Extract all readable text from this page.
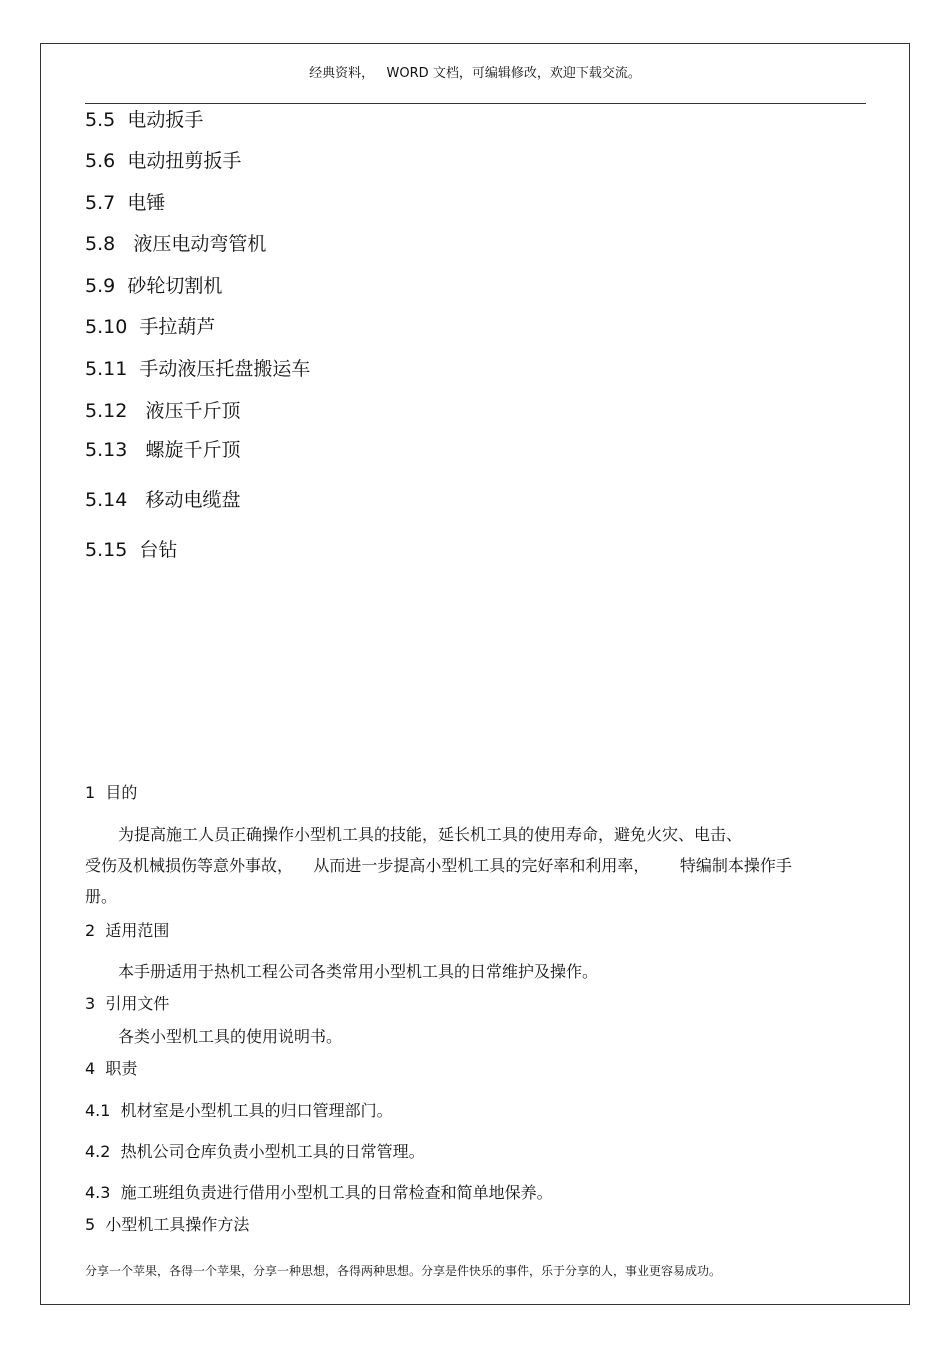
经典资料，   WORD 文档，可编辑修改，欢迎下载交流。
5.5 电动扳手
5.6 电动扭剪扳手
5.7 电锤
5.8   液压电动弯管机
5.9 砂轮切割机
5.10 手拉葫芦
5.11 手动液压托盘搬运车
5.12   液压千斤顶
5.13   螺旋千斤顶
5.14   移动电缆盘
5.15 台钻
1  目的
为提高施工人员正确操作小型机工具的技能，延长机工具的使用寿命，避免火灾、电击、
受伤及机械损伤等意外事故，    从而进一步提高小型机工具的完好率和利用率，      特编制本操作手
册。
2  适用范围
本手册适用于热机工程公司各类常用小型机工具的日常维护及操作。
3  引用文件
各类小型机工具的使用说明书。
4  职责
4.1  机材室是小型机工具的归口管理部门。
4.2  热机公司仓库负责小型机工具的日常管理。
4.3  施工班组负责进行借用小型机工具的日常检查和简单地保养。
5  小型机工具操作方法
分享一个苹果，各得一个苹果，分享一种思想，各得两种思想。分享是件快乐的事件，乐于分享的人，事业更容易成功。
